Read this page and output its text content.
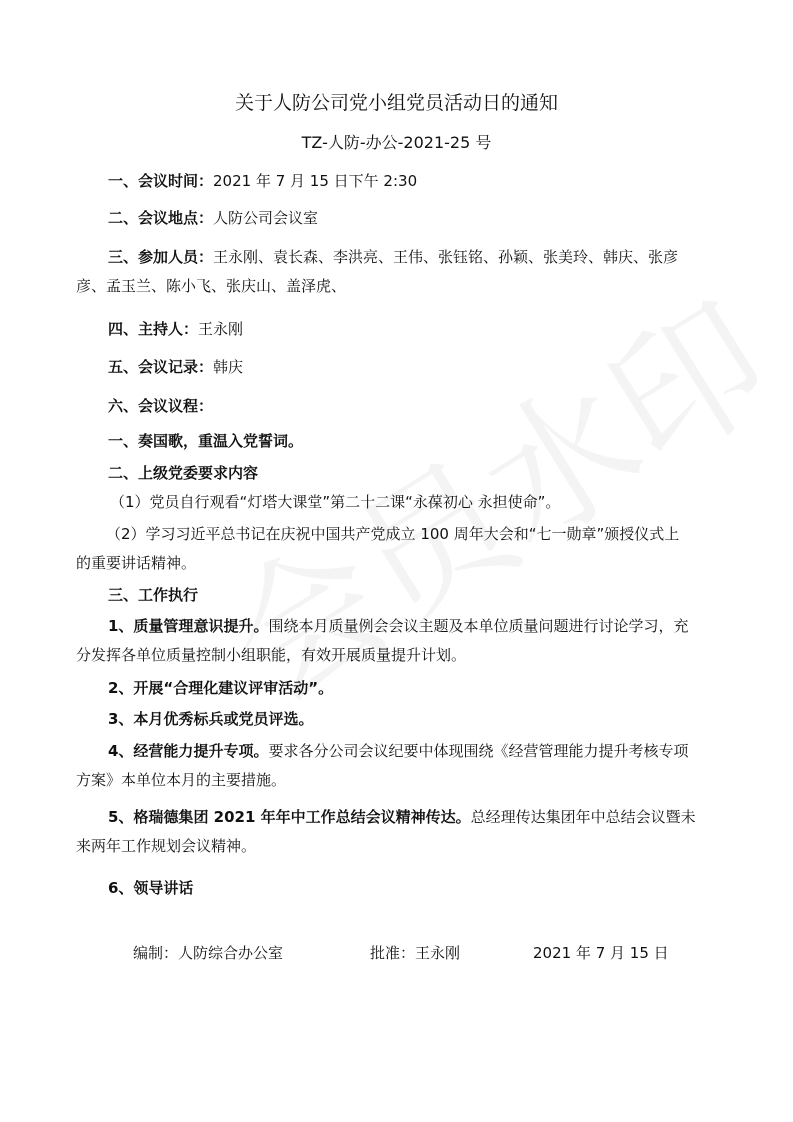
关于人防公司党小组党员活动日的通知
TZ-人防-办公-2021-25 号
一、会议时间：2021 年 7 月 15 日下午 2:30
二、会议地点：人防公司会议室
三、参加人员：王永刚、袁长森、李洪亮、王伟、张钰铭、孙颖、张美玲、韩庆、张彦
彦、孟玉兰、陈小飞、张庆山、盖泽虎、
四、主持人：王永刚
五、会议记录：韩庆
六、会议议程：
一、奏国歌，重温入党誓词。
二、上级党委要求内容
（1）党员自行观看“灯塔大课堂”第二十二课“永葆初心 永担使命”。
（2）学习习近平总书记在庆祝中国共产党成立 100 周年大会和“七一勋章”颁授仪式上
的重要讲话精神。
三、工作执行
1、质量管理意识提升。围绕本月质量例会会议主题及本单位质量问题进行讨论学习，充
分发挥各单位质量控制小组职能，有效开展质量提升计划。
2、开展“合理化建议评审活动”。
3、本月优秀标兵或党员评选。
4、经营能力提升专项。要求各分公司会议纪要中体现围绕《经营管理能力提升考核专项
方案》本单位本月的主要措施。
5、格瑞德集团 2021 年年中工作总结会议精神传达。总经理传达集团年中总结会议暨未
来两年工作规划会议精神。
6、领导讲话
编制：人防综合办公室	批准：王永刚	2021 年 7 月 15 日
